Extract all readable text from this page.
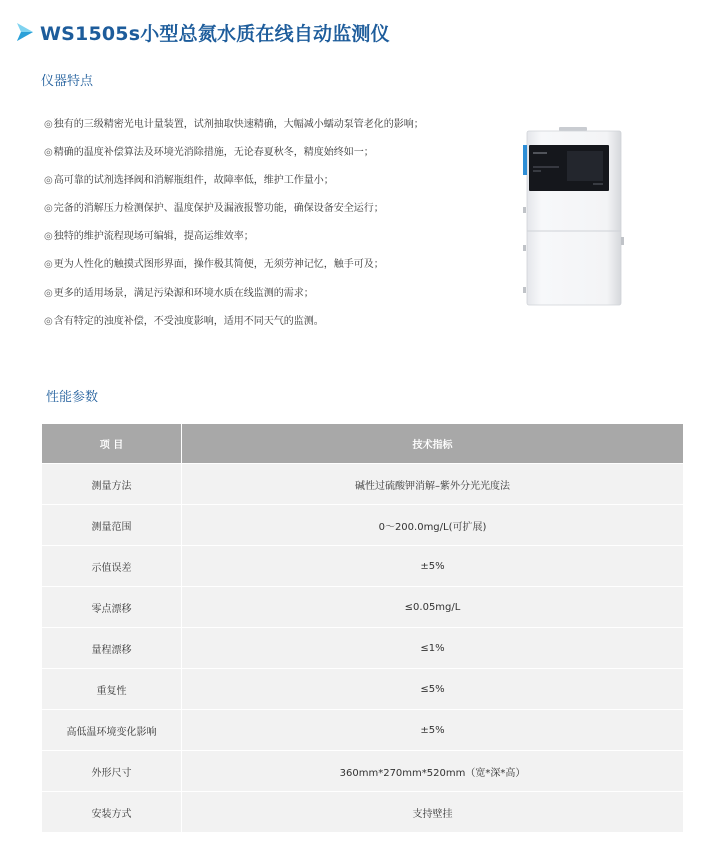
WS1505s小型总氮水质在线自动监测仪
仪器特点
◎ 独有的三级精密光电计量装置，试剂抽取快速精确，大幅减小蠕动泵管老化的影响；
◎ 精确的温度补偿算法及环境光消除措施，无论春夏秋冬，精度始终如一；
◎ 高可靠的试剂选择阀和消解瓶组件，故障率低，维护工作量小；
◎ 完备的消解压力检测保护、温度保护及漏液报警功能，确保设备安全运行；
◎ 独特的维护流程现场可编辑，提高运维效率；
◎ 更为人性化的触摸式图形界面，操作极其简便，无须劳神记忆，触手可及；
◎ 更多的适用场景，满足污染源和环境水质在线监测的需求；
◎ 含有特定的浊度补偿，不受浊度影响，适用不同天气的监测。
性能参数
项 目	技术指标
测量方法	碱性过硫酸钾消解–紫外分光光度法
测量范围	0～200.0mg/L(可扩展)
示值误差	±5%
零点漂移	≤0.05mg/L
量程漂移	≤1%
重复性	≤5%
高低温环境变化影响	±5%
外形尺寸	360mm*270mm*520mm（宽*深*高）
安装方式	支持壁挂
